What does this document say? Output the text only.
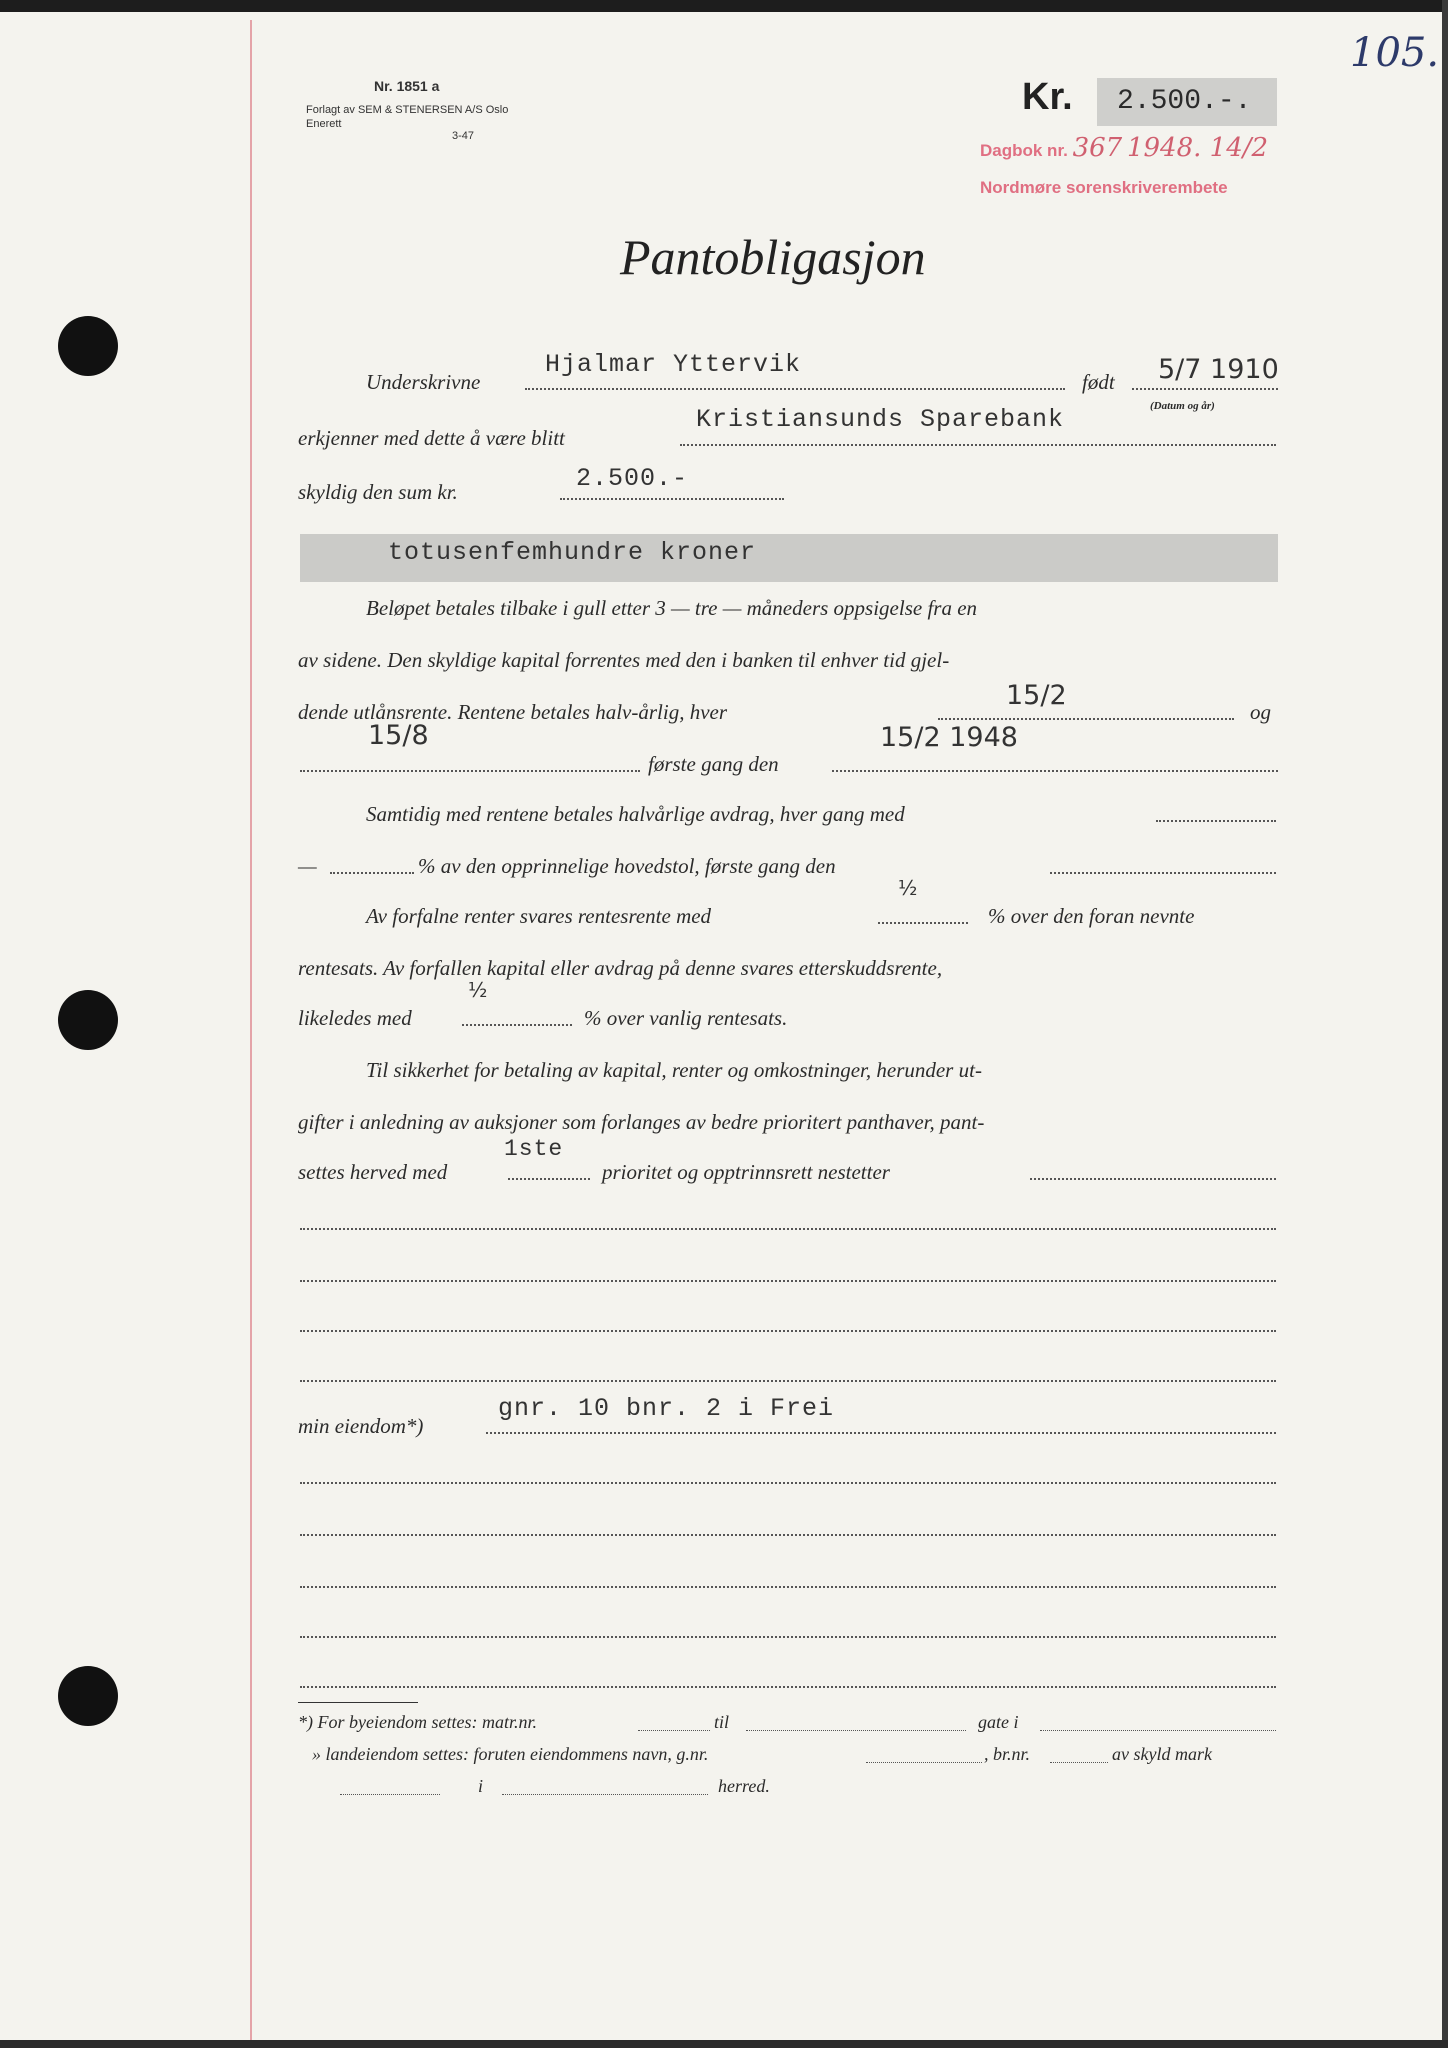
Nr. 1851 a
Forlagt av SEM & STENERSEN A/S Oslo
Enerett
3-47
Kr.	2.500.-.
105.
Dagbok nr. 367 1948. 14/2
Nordmøre sorenskriverembete
Pantobligasjon
Underskrivne
Hjalmar Yttervik
født 5/7 1910
(Datum og år)
erkjenner med dette å være blitt
Kristiansunds Sparebank
skyldig den sum kr.	2.500.-
totusenfemhundre kroner
Beløpet betales tilbake i gull etter 3 — tre — måneders oppsigelse fra en
av sidene. Den skyldige kapital forrentes med den i banken til enhver tid gjel-
dende utlånsrente. Rentene betales halv-årlig, hver
15/2
og
15/8
første gang den
15/2 1948
Samtidig med rentene betales halvårlige avdrag, hver gang med
—	% av den opprinnelige hovedstol, første gang den
Av forfalne renter svares rentesrente med
½
% over den foran nevnte
rentesats. Av forfallen kapital eller avdrag på denne svares etterskuddsrente,
likeledes med
½
% over vanlig rentesats.
Til sikkerhet for betaling av kapital, renter og omkostninger, herunder ut-
gifter i anledning av auksjoner som forlanges av bedre prioritert panthaver, pant-
settes herved med
1ste
prioritet og opptrinnsrett nestetter
min eiendom*)
gnr. 10 bnr. 2 i Frei
*) For byeiendom settes: matr.nr.	til	gate i
» landeiendom settes: foruten eiendommens navn, g.nr.	, br.nr.	av skyld mark
i	herred.
